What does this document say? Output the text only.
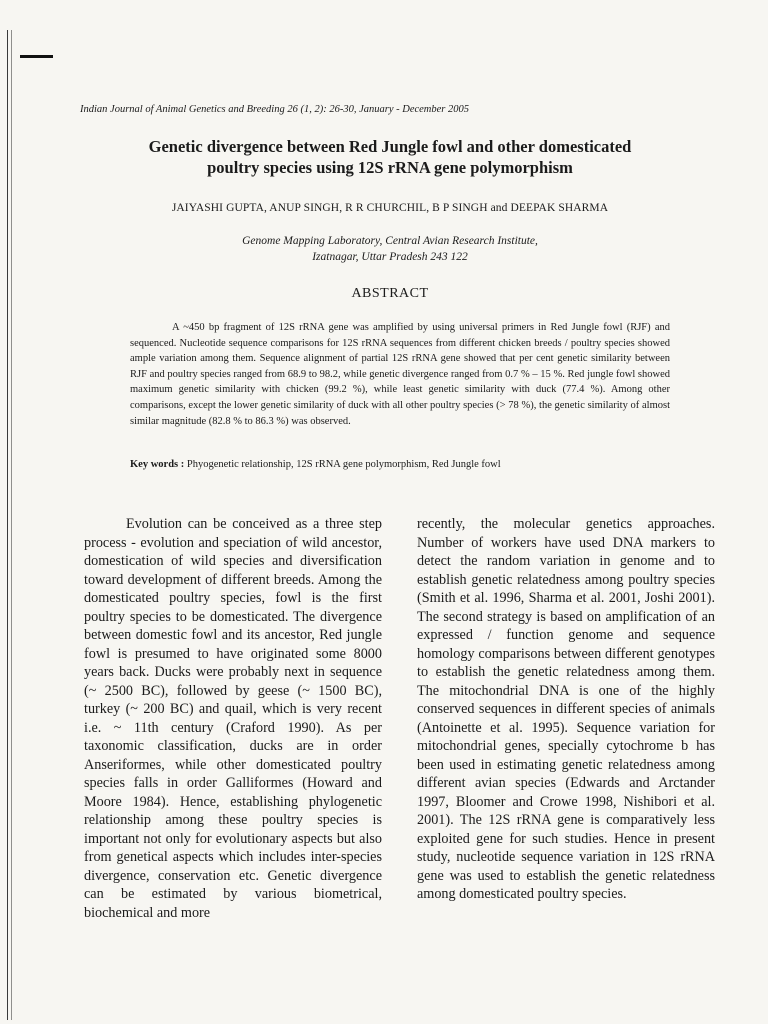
Indian Journal of Animal Genetics and Breeding 26 (1, 2): 26-30, January - December 2005
Genetic divergence between Red Jungle fowl and other domesticated
poultry species using 12S rRNA gene polymorphism
JAIYASHI GUPTA, ANUP SINGH, R R CHURCHIL, B P SINGH and DEEPAK SHARMA
Genome Mapping Laboratory, Central Avian Research Institute,
Izatnagar, Uttar Pradesh 243 122
ABSTRACT
A ~450 bp fragment of 12S rRNA gene was amplified by using universal primers in Red Jungle fowl (RJF) and sequenced. Nucleotide sequence comparisons for 12S rRNA sequences from different chicken breeds / poultry species showed ample variation among them. Sequence alignment of partial 12S rRNA gene showed that per cent genetic similarity between RJF and poultry species ranged from 68.9 to 98.2, while genetic divergence ranged from 0.7 % – 15 %. Red jungle fowl showed maximum genetic similarity with chicken (99.2 %), while least genetic similarity with duck (77.4 %). Among other comparisons, except the lower genetic similarity of duck with all other poultry species (> 78 %), the genetic similarity of almost similar magnitude (82.8 % to 86.3 %) was observed.
Key words : Phyogenetic relationship, 12S rRNA gene polymorphism, Red Jungle fowl
Evolution can be conceived as a three step process - evolution and speciation of wild ancestor, domestication of wild species and diversification toward development of different breeds. Among the domesticated poultry species, fowl is the first poultry species to be domesticated. The divergence between domestic fowl and its ancestor, Red jungle fowl is presumed to have originated some 8000 years back. Ducks were probably next in sequence (~ 2500 BC), followed by geese (~ 1500 BC), turkey (~ 200 BC) and quail, which is very recent i.e. ~ 11th century (Craford 1990). As per taxonomic classification, ducks are in order Anseriformes, while other domesticated poultry species falls in order Galliformes (Howard and Moore 1984). Hence, establishing phylogenetic relationship among these poultry species is important not only for evolutionary aspects but also from genetical aspects which includes inter-species divergence, conservation etc. Genetic divergence can be estimated by various biometrical, biochemical and more
recently, the molecular genetics approaches. Number of workers have used DNA markers to detect the random variation in genome and to establish genetic relatedness among poultry species (Smith et al. 1996, Sharma et al. 2001, Joshi 2001). The second strategy is based on amplification of an expressed / function genome and sequence homology comparisons between different genotypes to establish the genetic relatedness among them. The mitochondrial DNA is one of the highly conserved sequences in different species of animals (Antoinette et al. 1995). Sequence variation for mitochondrial genes, specially cytochrome b has been used in estimating genetic relatedness among different avian species (Edwards and Arctander 1997, Bloomer and Crowe 1998, Nishibori et al. 2001). The 12S rRNA gene is comparatively less exploited gene for such studies. Hence in present study, nucleotide sequence variation in 12S rRNA gene was used to establish the genetic relatedness among domesticated poultry species.
